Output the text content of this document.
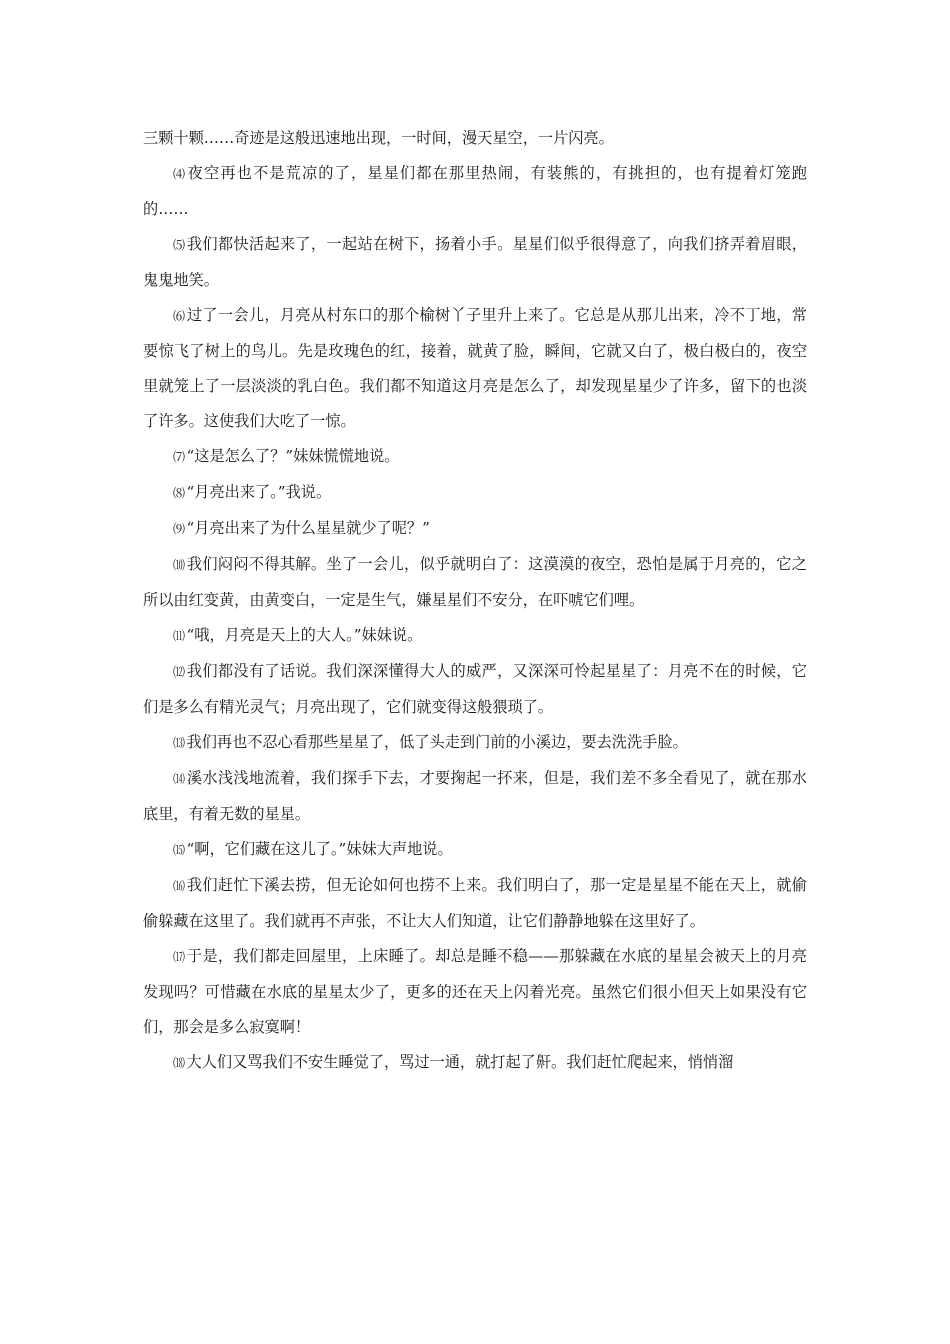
三颗十颗……奇迹是这般迅速地出现，一时间，漫天星空，一片闪亮。

⑷ 夜空再也不是荒凉的了，星星们都在那里热闹，有装熊的，有挑担的，也有提着灯笼跑的……

⑸ 我们都快活起来了，一起站在树下，扬着小手。星星们似乎很得意了，向我们挤弄着眉眼，鬼鬼地笑。

⑹ 过了一会儿，月亮从村东口的那个榆树丫子里升上来了。它总是从那儿出来，冷不丁地，常要惊飞了树上的鸟儿。先是玫瑰色的红，接着，就黄了脸，瞬间，它就又白了，极白极白的，夜空里就笼上了一层淡淡的乳白色。我们都不知道这月亮是怎么了，却发现星星少了许多，留下的也淡了许多。这使我们大吃了一惊。

⑺ “这是怎么了？”妹妹慌慌地说。

⑻ “月亮出来了。”我说。

⑼ “月亮出来了为什么星星就少了呢？”

⑽ 我们闷闷不得其解。坐了一会儿，似乎就明白了：这漠漠的夜空，恐怕是属于月亮的，它之所以由红变黄，由黄变白，一定是生气，嫌星星们不安分，在吓唬它们哩。

⑾ “哦，月亮是天上的大人。”妹妹说。

⑿ 我们都没有了话说。我们深深懂得大人的威严，又深深可怜起星星了：月亮不在的时候，它们是多么有精光灵气；月亮出现了，它们就变得这般猥琐了。

⒀ 我们再也不忍心看那些星星了，低了头走到门前的小溪边，要去洗洗手脸。

⒁ 溪水浅浅地流着，我们探手下去，才要掬起一抔来，但是，我们差不多全看见了，就在那水底里，有着无数的星星。

⒂ “啊，它们藏在这儿了。”妹妹大声地说。

⒃ 我们赶忙下溪去捞，但无论如何也捞不上来。我们明白了，那一定是星星不能在天上，就偷偷躲藏在这里了。我们就再不声张，不让大人们知道，让它们静静地躲在这里好了。

⒄ 于是，我们都走回屋里，上床睡了。却总是睡不稳——那躲藏在水底的星星会被天上的月亮发现吗？可惜藏在水底的星星太少了，更多的还在天上闪着光亮。虽然它们很小但天上如果没有它们，那会是多么寂寞啊！

⒅ 大人们又骂我们不安生睡觉了，骂过一通，就打起了鼾。我们赶忙爬起来，悄悄溜
